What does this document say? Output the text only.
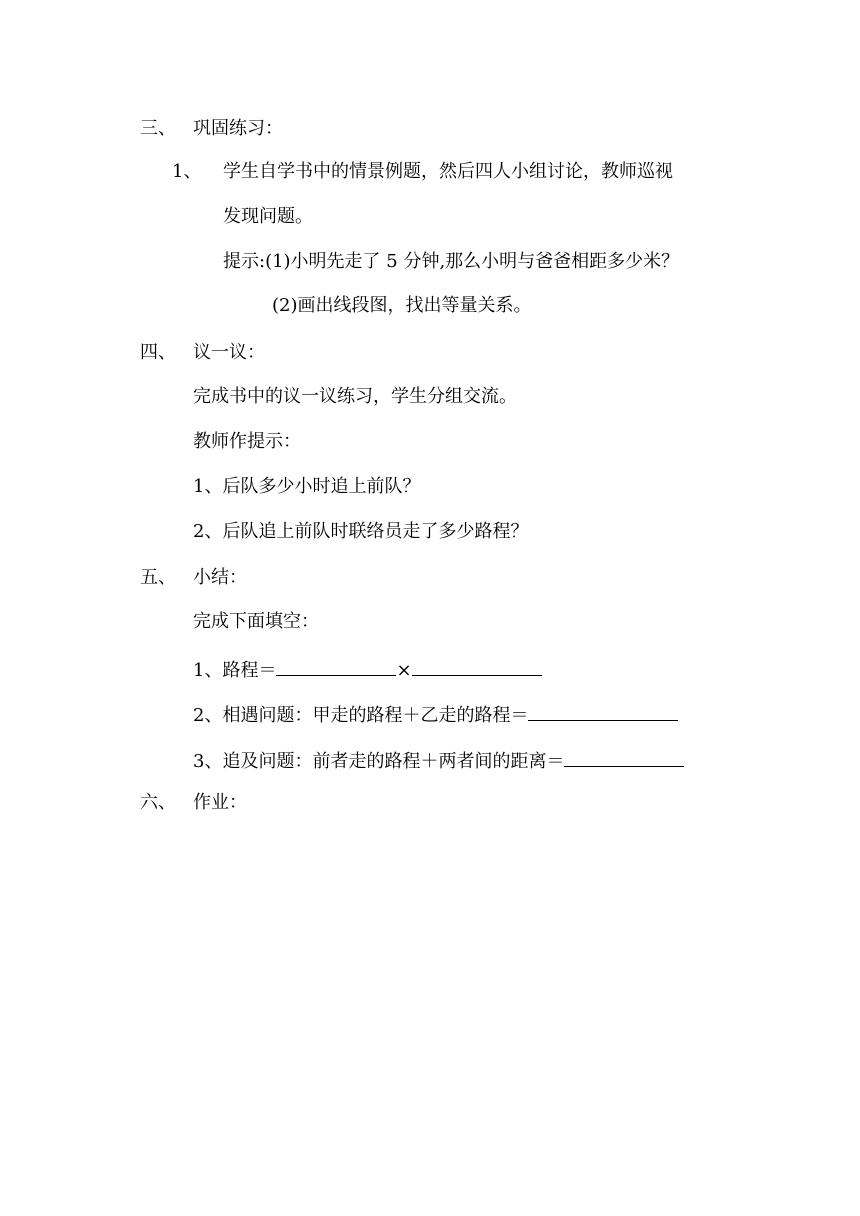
三、 巩固练习：
1、 学生自学书中的情景例题，然后四人小组讨论，教师巡视
发现问题。
提示:(1)小明先走了 5 分钟,那么小明与爸爸相距多少米？
(2)画出线段图，找出等量关系。
四、 议一议：
完成书中的议一议练习，学生分组交流。
教师作提示：
1、后队多少小时追上前队？
2、后队追上前队时联络员走了多少路程？
五、 小结：
完成下面填空：
1、路程＝	×
2、相遇问题：甲走的路程＋乙走的路程＝
3、追及问题：前者走的路程＋两者间的距离＝
六、 作业：
